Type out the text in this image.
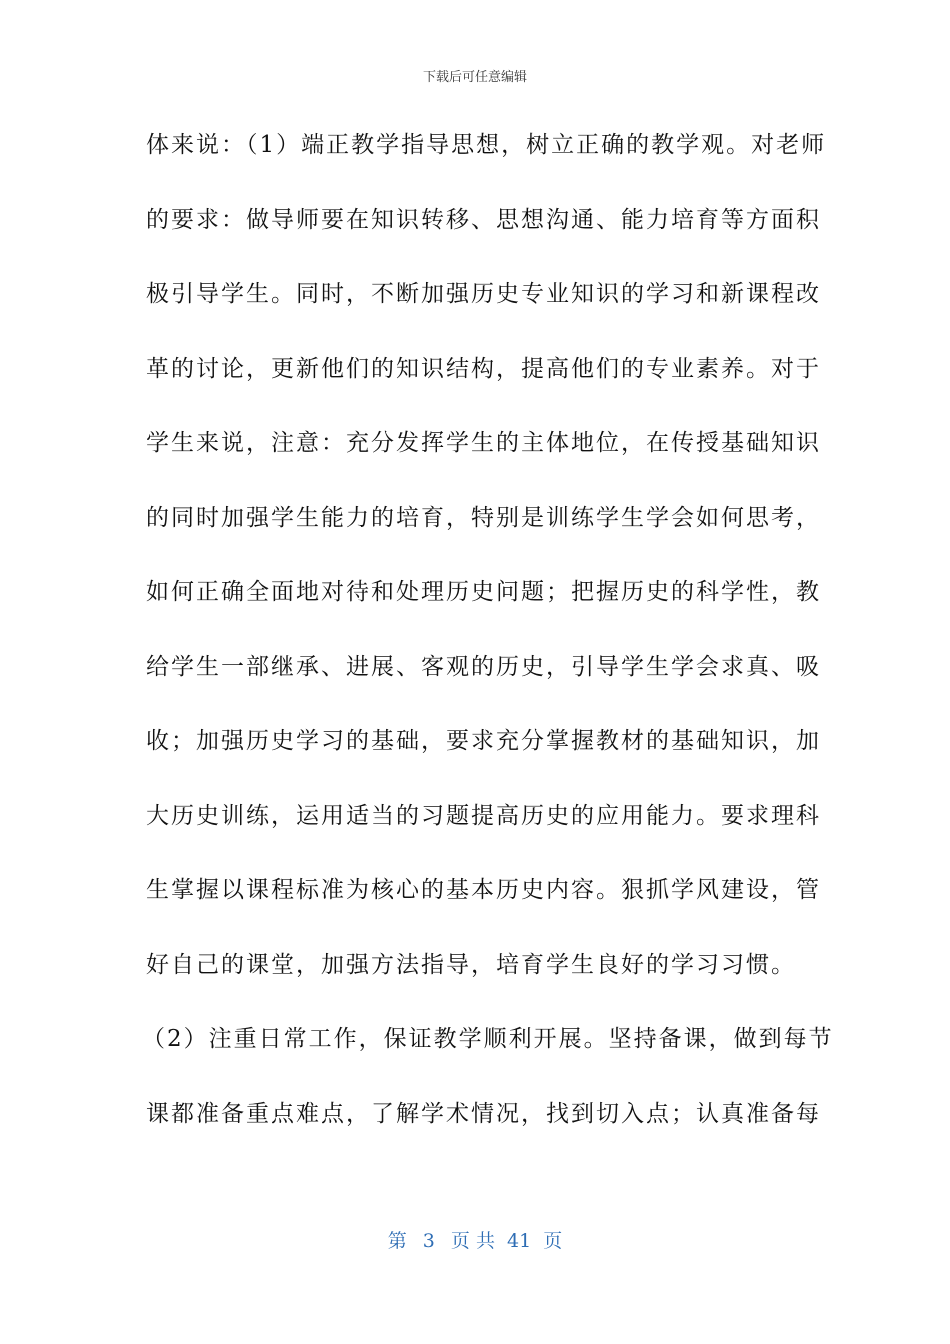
下载后可任意编辑
体来说：（1）端正教学指导思想，树立正确的教学观。对老师
的要求：做导师要在知识转移、思想沟通、能力培育等方面积
极引导学生。同时，不断加强历史专业知识的学习和新课程改
革的讨论，更新他们的知识结构，提高他们的专业素养。对于
学生来说，注意：充分发挥学生的主体地位，在传授基础知识
的同时加强学生能力的培育，特别是训练学生学会如何思考，
如何正确全面地对待和处理历史问题；把握历史的科学性，教
给学生一部继承、进展、客观的历史，引导学生学会求真、吸
收；加强历史学习的基础，要求充分掌握教材的基础知识，加
大历史训练，运用适当的习题提高历史的应用能力。要求理科
生掌握以课程标准为核心的基本历史内容。狠抓学风建设，管
好自己的课堂，加强方法指导，培育学生良好的学习习惯。
（2）注重日常工作，保证教学顺利开展。坚持备课，做到每节
课都准备重点难点，了解学术情况，找到切入点；认真准备每
第 3 页 共 41 页
